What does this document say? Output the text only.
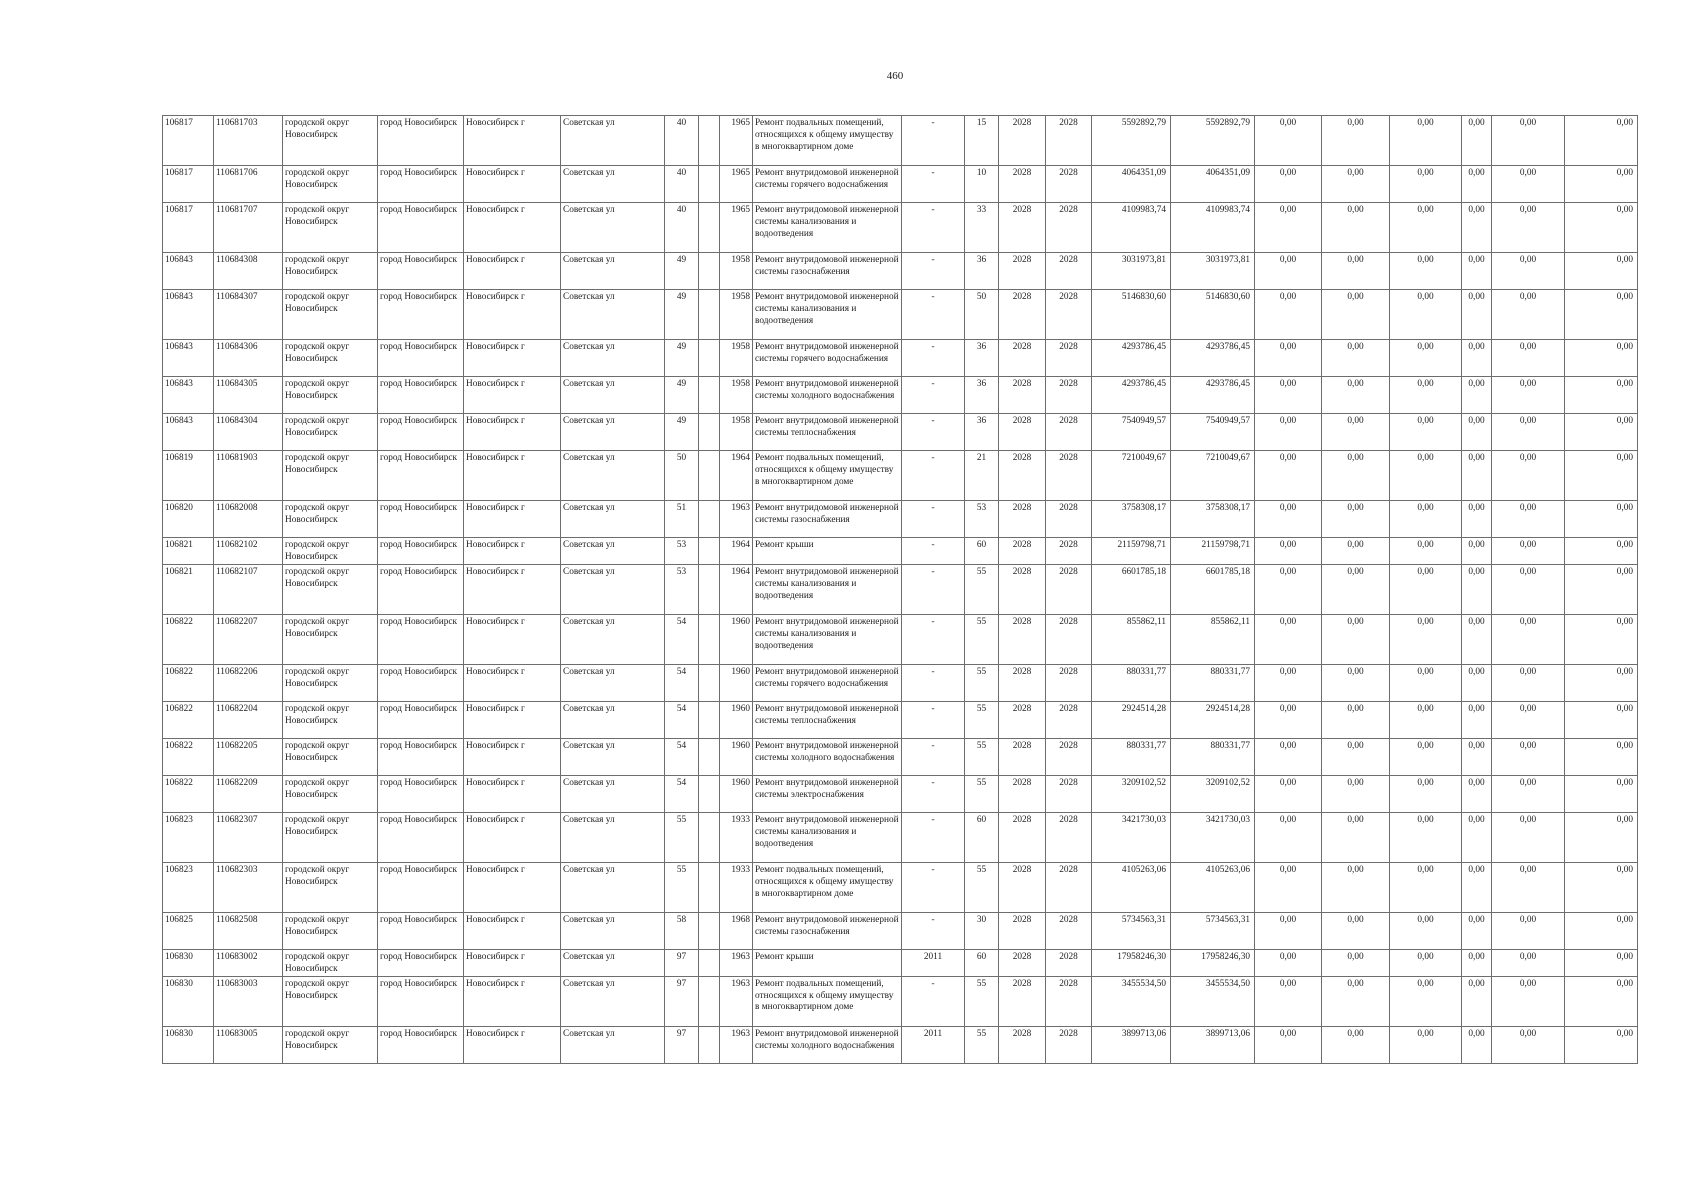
460
106817	110681703	городской округ Новосибирск	город Новосибирск	Новосибирск г	Советская ул	40		1965	Ремонт подвальных помещений, относящихся к общему имуществу в многоквартирном доме	-	15	2028	2028	5592892,79	5592892,79	0,00	0,00	0,00	0,00	0,00	0,00
106817	110681706	городской округ Новосибирск	город Новосибирск	Новосибирск г	Советская ул	40		1965	Ремонт внутридомовой инженерной системы горячего водоснабжения	-	10	2028	2028	4064351,09	4064351,09	0,00	0,00	0,00	0,00	0,00	0,00
106817	110681707	городской округ Новосибирск	город Новосибирск	Новосибирск г	Советская ул	40		1965	Ремонт внутридомовой инженерной системы канализования и водоотведения	-	33	2028	2028	4109983,74	4109983,74	0,00	0,00	0,00	0,00	0,00	0,00
106843	110684308	городской округ Новосибирск	город Новосибирск	Новосибирск г	Советская ул	49		1958	Ремонт внутридомовой инженерной системы газоснабжения	-	36	2028	2028	3031973,81	3031973,81	0,00	0,00	0,00	0,00	0,00	0,00
106843	110684307	городской округ Новосибирск	город Новосибирск	Новосибирск г	Советская ул	49		1958	Ремонт внутридомовой инженерной системы канализования и водоотведения	-	50	2028	2028	5146830,60	5146830,60	0,00	0,00	0,00	0,00	0,00	0,00
106843	110684306	городской округ Новосибирск	город Новосибирск	Новосибирск г	Советская ул	49		1958	Ремонт внутридомовой инженерной системы горячего водоснабжения	-	36	2028	2028	4293786,45	4293786,45	0,00	0,00	0,00	0,00	0,00	0,00
106843	110684305	городской округ Новосибирск	город Новосибирск	Новосибирск г	Советская ул	49		1958	Ремонт внутридомовой инженерной системы холодного водоснабжения	-	36	2028	2028	4293786,45	4293786,45	0,00	0,00	0,00	0,00	0,00	0,00
106843	110684304	городской округ Новосибирск	город Новосибирск	Новосибирск г	Советская ул	49		1958	Ремонт внутридомовой инженерной системы теплоснабжения	-	36	2028	2028	7540949,57	7540949,57	0,00	0,00	0,00	0,00	0,00	0,00
106819	110681903	городской округ Новосибирск	город Новосибирск	Новосибирск г	Советская ул	50		1964	Ремонт подвальных помещений, относящихся к общему имуществу в многоквартирном доме	-	21	2028	2028	7210049,67	7210049,67	0,00	0,00	0,00	0,00	0,00	0,00
106820	110682008	городской округ Новосибирск	город Новосибирск	Новосибирск г	Советская ул	51		1963	Ремонт внутридомовой инженерной системы газоснабжения	-	53	2028	2028	3758308,17	3758308,17	0,00	0,00	0,00	0,00	0,00	0,00
106821	110682102	городской округ Новосибирск	город Новосибирск	Новосибирск г	Советская ул	53		1964	Ремонт крыши	-	60	2028	2028	21159798,71	21159798,71	0,00	0,00	0,00	0,00	0,00	0,00
106821	110682107	городской округ Новосибирск	город Новосибирск	Новосибирск г	Советская ул	53		1964	Ремонт внутридомовой инженерной системы канализования и водоотведения	-	55	2028	2028	6601785,18	6601785,18	0,00	0,00	0,00	0,00	0,00	0,00
106822	110682207	городской округ Новосибирск	город Новосибирск	Новосибирск г	Советская ул	54		1960	Ремонт внутридомовой инженерной системы канализования и водоотведения	-	55	2028	2028	855862,11	855862,11	0,00	0,00	0,00	0,00	0,00	0,00
106822	110682206	городской округ Новосибирск	город Новосибирск	Новосибирск г	Советская ул	54		1960	Ремонт внутридомовой инженерной системы горячего водоснабжения	-	55	2028	2028	880331,77	880331,77	0,00	0,00	0,00	0,00	0,00	0,00
106822	110682204	городской округ Новосибирск	город Новосибирск	Новосибирск г	Советская ул	54		1960	Ремонт внутридомовой инженерной системы теплоснабжения	-	55	2028	2028	2924514,28	2924514,28	0,00	0,00	0,00	0,00	0,00	0,00
106822	110682205	городской округ Новосибирск	город Новосибирск	Новосибирск г	Советская ул	54		1960	Ремонт внутридомовой инженерной системы холодного водоснабжения	-	55	2028	2028	880331,77	880331,77	0,00	0,00	0,00	0,00	0,00	0,00
106822	110682209	городской округ Новосибирск	город Новосибирск	Новосибирск г	Советская ул	54		1960	Ремонт внутридомовой инженерной системы электроснабжения	-	55	2028	2028	3209102,52	3209102,52	0,00	0,00	0,00	0,00	0,00	0,00
106823	110682307	городской округ Новосибирск	город Новосибирск	Новосибирск г	Советская ул	55		1933	Ремонт внутридомовой инженерной системы канализования и водоотведения	-	60	2028	2028	3421730,03	3421730,03	0,00	0,00	0,00	0,00	0,00	0,00
106823	110682303	городской округ Новосибирск	город Новосибирск	Новосибирск г	Советская ул	55		1933	Ремонт подвальных помещений, относящихся к общему имуществу в многоквартирном доме	-	55	2028	2028	4105263,06	4105263,06	0,00	0,00	0,00	0,00	0,00	0,00
106825	110682508	городской округ Новосибирск	город Новосибирск	Новосибирск г	Советская ул	58		1968	Ремонт внутридомовой инженерной системы газоснабжения	-	30	2028	2028	5734563,31	5734563,31	0,00	0,00	0,00	0,00	0,00	0,00
106830	110683002	городской округ Новосибирск	город Новосибирск	Новосибирск г	Советская ул	97		1963	Ремонт крыши	2011	60	2028	2028	17958246,30	17958246,30	0,00	0,00	0,00	0,00	0,00	0,00
106830	110683003	городской округ Новосибирск	город Новосибирск	Новосибирск г	Советская ул	97		1963	Ремонт подвальных помещений, относящихся к общему имуществу в многоквартирном доме	-	55	2028	2028	3455534,50	3455534,50	0,00	0,00	0,00	0,00	0,00	0,00
106830	110683005	городской округ Новосибирск	город Новосибирск	Новосибирск г	Советская ул	97		1963	Ремонт внутридомовой инженерной системы холодного водоснабжения	2011	55	2028	2028	3899713,06	3899713,06	0,00	0,00	0,00	0,00	0,00	0,00
